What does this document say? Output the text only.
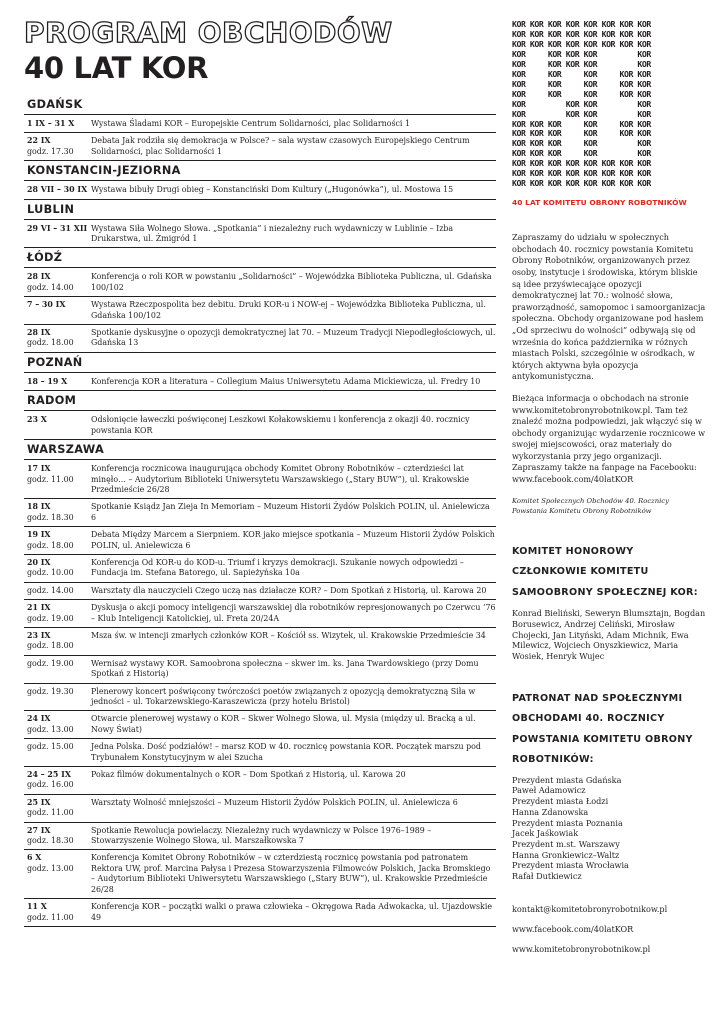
PROGRAM OBCHODÓW
40 LAT KOR
GDAŃSK
1 IX – 31 X	Wystawa Śladami KOR – Europejskie Centrum Solidarności, plac Solidarności 1
22 IX
godz. 17.30
Debata Jak rodziła się demokracja w Polsce? – sala wystaw czasowych Europejskiego Centrum Solidarności, plac Solidarności 1
KONSTANCIN-JEZIORNA
28 VII – 30 IX Wystawa bibuły Drugi obieg – Konstanciński Dom Kultury („Hugonówka”), ul. Mostowa 15
LUBLIN
29 VI – 31 XII Wystawa Siła Wolnego Słowa. „Spotkania” i niezależny ruch wydawniczy w Lublinie – Izba Drukarstwa, ul. Żmigród 1
ŁÓDŹ
28 IX
godz. 14.00
Konferencja o roli KOR w powstaniu „Solidarności” – Wojewódzka Biblioteka Publiczna, ul. Gdańska 100/102
7 – 30 IX	Wystawa Rzeczpospolita bez debitu. Druki KOR-u i NOW-ej – Wojewódzka Biblioteka Publiczna, ul. Gdańska 100/102
28 IX
godz. 18.00
Spotkanie dyskusyjne o opozycji demokratycznej lat 70. – Muzeum Tradycji Niepodległościowych, ul. Gdańska 13
POZNAŃ
18 – 19 X	Konferencja KOR a literatura – Collegium Maius Uniwersytetu Adama Mickiewicza, ul. Fredry 10
RADOM
23 X	Odsłonięcie ławeczki poświęconej Leszkowi Kołakowskiemu i konferencja z okazji 40. rocznicy powstania KOR
WARSZAWA
17 IX
godz. 11.00
Konferencja rocznicowa inaugurująca obchody Komitet Obrony Robotników – czterdzieści lat minęło… – Audytorium Biblioteki Uniwersytetu Warszawskiego („Stary BUW”), ul. Krakowskie Przedmieście 26/28
18 IX
godz. 18.30
Spotkanie Ksiądz Jan Zieja In Memoriam – Muzeum Historii Żydów Polskich POLIN, ul. Anielewicza 6
19 IX
godz. 18.00
Debata Między Marcem a Sierpniem. KOR jako miejsce spotkania – Muzeum Historii Żydów Polskich POLIN, ul. Anielewicza 6
20 IX
godz. 10.00
Konferencja Od KOR-u do KOD-u. Triumf i kryzys demokracji. Szukanie nowych odpowiedzi – Fundacja im. Stefana Batorego, ul. Sapieżyńska 10a
godz. 14.00	Warsztaty dla nauczycieli Czego uczą nas działacze KOR? – Dom Spotkań z Historią, ul. Karowa 20
21 IX
godz. 19.00
Dyskusja o akcji pomocy inteligencji warszawskiej dla robotników represjonowanych po Czerwcu ’76 – Klub Inteligencji Katolickiej, ul. Freta 20/24A
23 IX
godz. 18.00
Msza św. w intencji zmarłych członków KOR – Kościół ss. Wizytek, ul. Krakowskie Przedmieście 34
godz. 19.00	Wernisaż wystawy KOR. Samoobrona społeczna – skwer im. ks. Jana Twardowskiego (przy Domu Spotkań z Historią)
godz. 19.30	Plenerowy koncert poświęcony twórczości poetów związanych z opozycją demokratyczną Siła w jedności – ul. Tokarzewskiego-Karaszewicza (przy hotelu Bristol)
24 IX
godz. 13.00
Otwarcie plenerowej wystawy o KOR – Skwer Wolnego Słowa, ul. Mysia (między ul. Bracką a ul. Nowy Świat)
godz. 15.00	Jedna Polska. Dość podziałów! – marsz KOD w 40. rocznicę powstania KOR. Początek marszu pod Trybunałem Konstytucyjnym w alei Szucha
24 – 25 IX
godz. 16.00
Pokaz filmów dokumentalnych o KOR – Dom Spotkań z Historią, ul. Karowa 20
25 IX
godz. 11.00
Warsztaty Wolność mniejszości – Muzeum Historii Żydów Polskich POLIN, ul. Anielewicza 6
27 IX
godz. 18.30
Spotkanie Rewolucja powielaczy. Niezależny ruch wydawniczy w Polsce 1976–1989 – Stowarzyszenie Wolnego Słowa, ul. Marszałkowska 7
6 X
godz. 13.00
Konferencja Komitet Obrony Robotników – w czterdziestą rocznicę powstania pod patronatem Rektora UW, prof. Marcina Pałysa i Prezesa Stowarzyszenia Filmowców Polskich, Jacka Bromskiego – Audytorium Biblioteki Uniwersytetu Warszawskiego („Stary BUW”), ul. Krakowskie Przedmieście 26/28
11 X
godz. 11.00
Konferencja KOR – początki walki o prawa człowieka – Okręgowa Rada Adwokacka, ul. Ujazdowskie 49
KOR KOR KOR KOR KOR KOR KOR KOR
KOR KOR KOR KOR KOR KOR KOR KOR
KOR KOR KOR KOR KOR KOR KOR KOR
KOR     KOR KOR KOR         KOR
KOR     KOR KOR KOR         KOR
KOR     KOR     KOR     KOR KOR
KOR     KOR     KOR     KOR KOR
KOR     KOR     KOR     KOR KOR
KOR         KOR KOR         KOR
KOR         KOR KOR         KOR
KOR KOR KOR     KOR     KOR KOR
KOR KOR KOR     KOR     KOR KOR
KOR KOR KOR     KOR         KOR
KOR KOR KOR     KOR         KOR
KOR KOR KOR KOR KOR KOR KOR KOR
KOR KOR KOR KOR KOR KOR KOR KOR
KOR KOR KOR KOR KOR KOR KOR KOR
40 LAT KOMITETU OBRONY ROBOTNIKÓW
Zapraszamy do udziału w społecznych obchodach 40. rocznicy powstania Komitetu Obrony Robotników, organizowanych przez osoby, instytucje i środowiska, którym bliskie są idee przyświecające opozycji demokratycznej lat 70.: wolność słowa, praworządność, samopomoc i samoorganizacja społeczna. Obchody organizowane pod hasłem „Od sprzeciwu do wolności” odbywają się od września do końca października w różnych miastach Polski, szczególnie w ośrodkach, w których aktywna była opozycja antykomunistyczna.
Bieżąca informacja o obchodach na stronie www.komitetobronyrobotnikow.pl. Tam też znaleźć można podpowiedzi, jak włączyć się w obchody organizując wydarzenie rocznicowe w swojej miejscowości, oraz materiały do wykorzystania przy jego organizacji. Zapraszamy także na fanpage na Facebooku: www.facebook.com/40latKOR
Komitet Społecznych Obchodów 40. Rocznicy
Powstania Komitetu Obrony Robotników
KOMITET HONOROWY
CZŁONKOWIE KOMITETU
SAMOOBRONY SPOŁECZNEJ KOR:
Konrad Bieliński, Seweryn Blumsztajn, Bogdan Borusewicz, Andrzej Celiński, Mirosław Chojecki, Jan Lityński, Adam Michnik, Ewa Milewicz, Wojciech Onyszkiewicz, Maria Wosiek, Henryk Wujec
PATRONAT NAD SPOŁECZNYMI
OBCHODAMI 40. ROCZNICY
POWSTANIA KOMITETU OBRONY
ROBOTNIKÓW:
Prezydent miasta Gdańska
Paweł Adamowicz
Prezydent miasta Łodzi
Hanna Zdanowska
Prezydent miasta Poznania
Jacek Jaśkowiak
Prezydent m.st. Warszawy
Hanna Gronkiewicz–Waltz
Prezydent miasta Wrocławia
Rafał Dutkiewicz
kontakt@komitetobronyrobotnikow.pl
www.facebook.com/40latKOR
www.komitetobronyrobotnikow.pl
